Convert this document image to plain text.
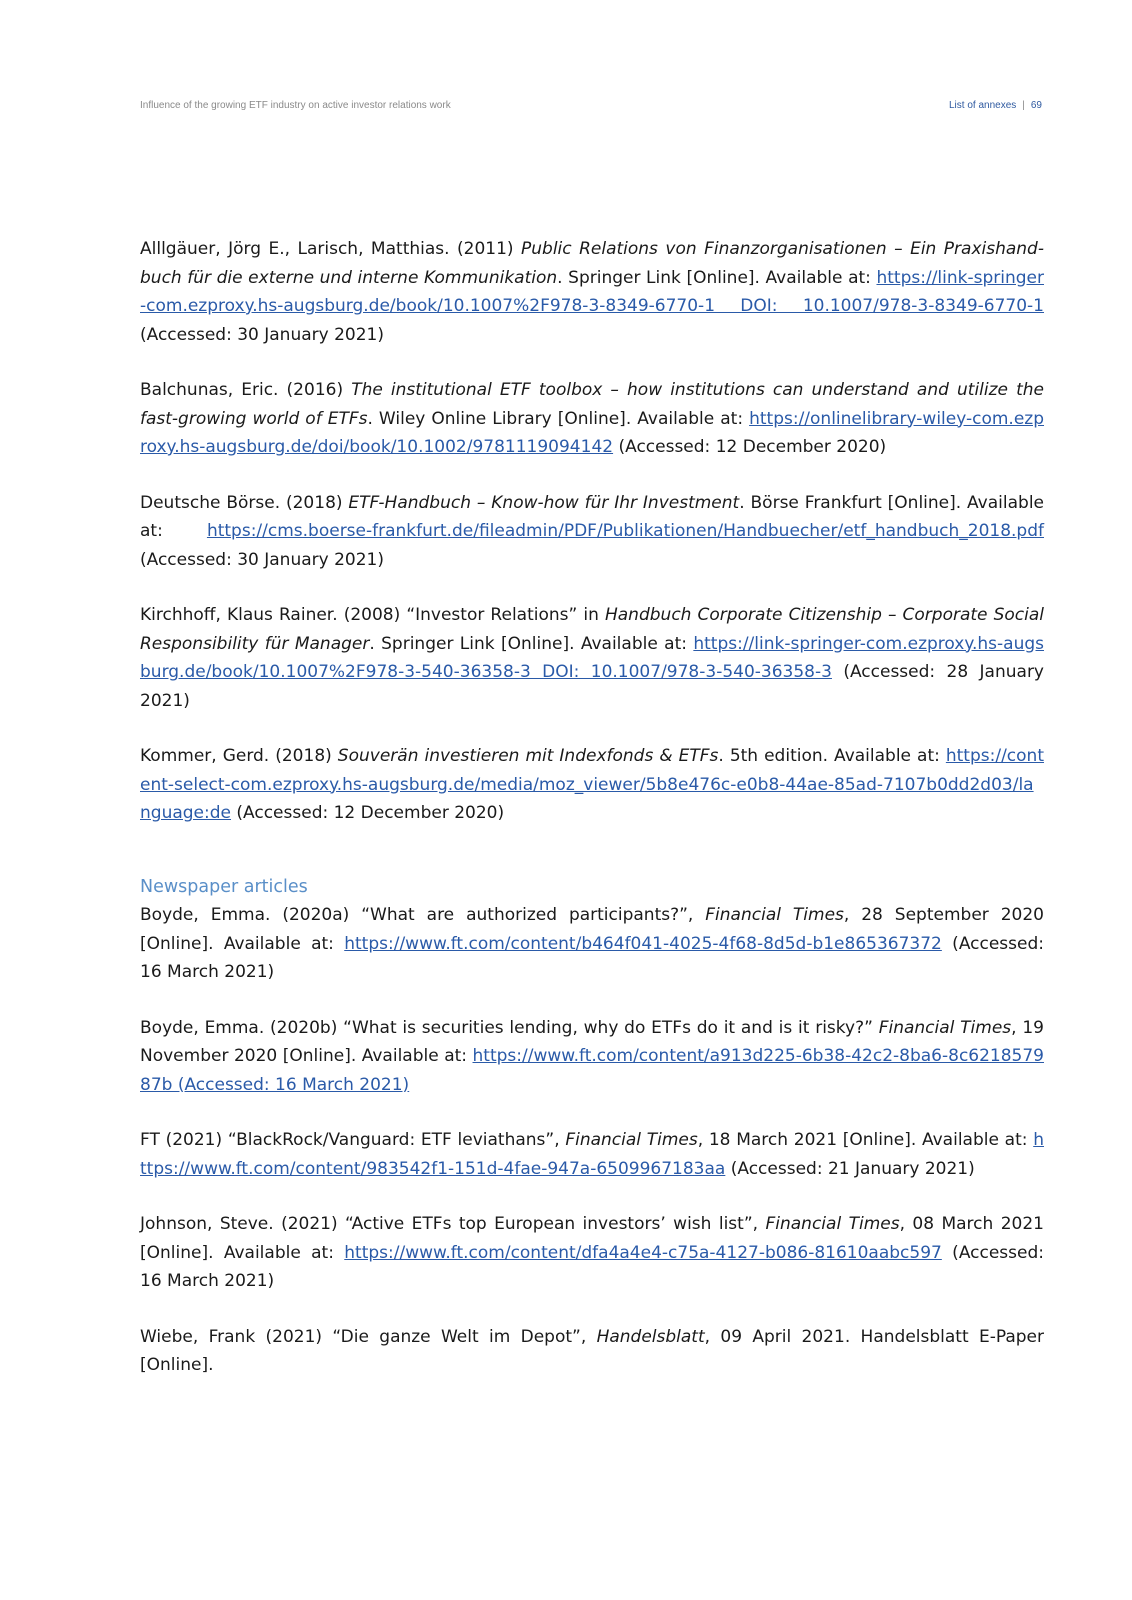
Influence of the growing ETF industry on active investor relations work	List of annexes | 69

Alllgäuer, Jörg E., Larisch, Matthias. (2011) Public Relations von Finanzorganisationen – Ein Praxishandbuch für die externe und interne Kommunikation. Springer Link [Online]. Available at: https://link-springer-com.ezproxy.hs-augsburg.de/book/10.1007%2F978-3-8349-6770-1 DOI: 10.1007/978-3-8349-6770-1 (Accessed: 30 January 2021)

Balchunas, Eric. (2016) The institutional ETF toolbox – how institutions can understand and utilize the fast-growing world of ETFs. Wiley Online Library [Online]. Available at: https://onlinelibrary-wiley-com.ezproxy.hs-augsburg.de/doi/book/10.1002/9781119094142 (Accessed: 12 December 2020)

Deutsche Börse. (2018) ETF-Handbuch – Know-how für Ihr Investment. Börse Frankfurt [Online]. Available at: https://cms.boerse-frankfurt.de/fileadmin/PDF/Publikationen/Handbuecher/etf_handbuch_2018.pdf (Accessed: 30 January 2021)

Kirchhoff, Klaus Rainer. (2008) “Investor Relations” in Handbuch Corporate Citizenship – Corporate Social Responsibility für Manager. Springer Link [Online]. Available at: https://link-springer-com.ezproxy.hs-augsburg.de/book/10.1007%2F978-3-540-36358-3 DOI: 10.1007/978-3-540-36358-3 (Accessed: 28 January 2021)

Kommer, Gerd. (2018) Souverän investieren mit Indexfonds & ETFs. 5th edition. Available at: https://content-select-com.ezproxy.hs-augsburg.de/media/moz_viewer/5b8e476c-e0b8-44ae-85ad-7107b0dd2d03/language:de (Accessed: 12 December 2020)

Newspaper articles

Boyde, Emma. (2020a) “What are authorized participants?”, Financial Times, 28 September 2020 [Online]. Available at: https://www.ft.com/content/b464f041-4025-4f68-8d5d-b1e865367372 (Accessed: 16 March 2021)

Boyde, Emma. (2020b) “What is securities lending, why do ETFs do it and is it risky?” Financial Times, 19 November 2020 [Online]. Available at: https://www.ft.com/content/a913d225-6b38-42c2-8ba6-8c621857987b (Accessed: 16 March 2021)

FT (2021) “BlackRock/Vanguard: ETF leviathans”, Financial Times, 18 March 2021 [Online]. Available at: https://www.ft.com/content/983542f1-151d-4fae-947a-6509967183aa (Accessed: 21 January 2021)

Johnson, Steve. (2021) “Active ETFs top European investors’ wish list”, Financial Times, 08 March 2021 [Online]. Available at: https://www.ft.com/content/dfa4a4e4-c75a-4127-b086-81610aabc597 (Accessed: 16 March 2021)

Wiebe, Frank (2021) “Die ganze Welt im Depot”, Handelsblatt, 09 April 2021. Handelsblatt E-Paper [Online].
